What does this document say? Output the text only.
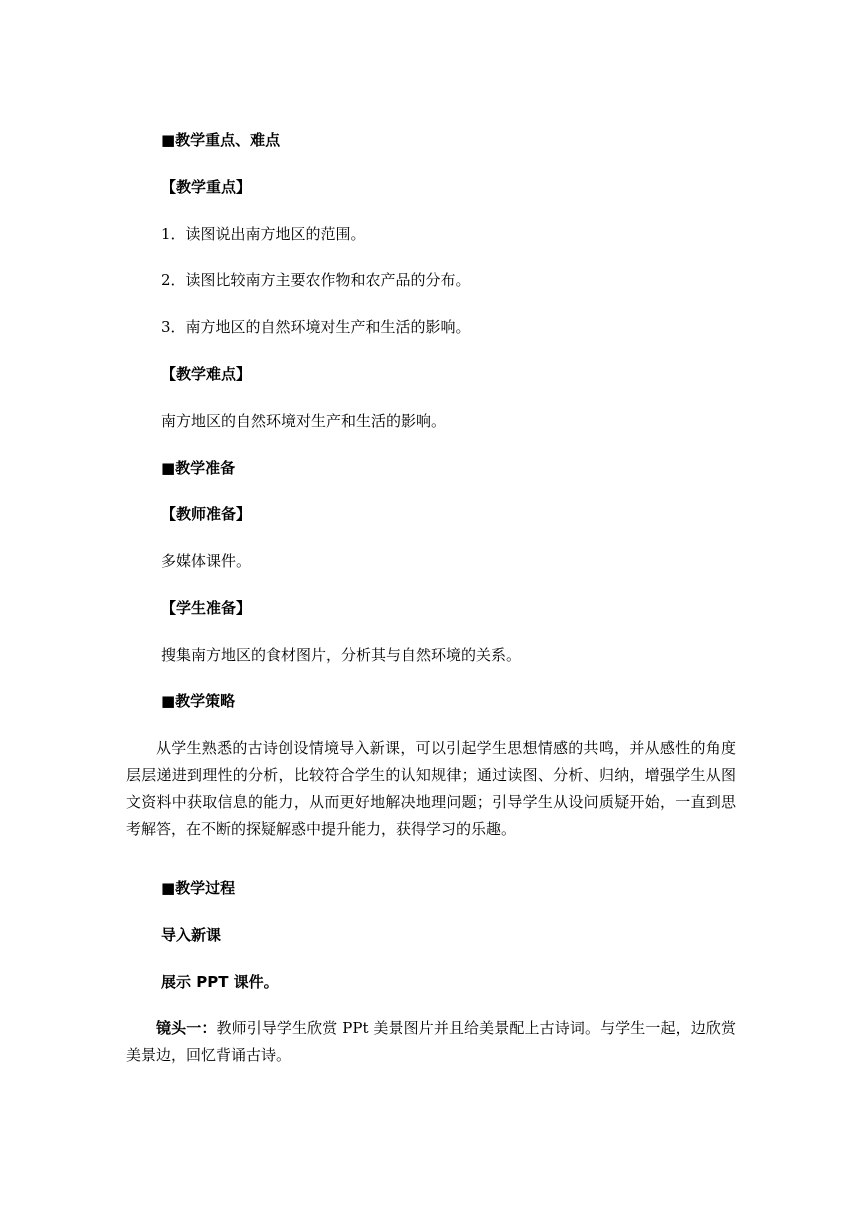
■教学重点、难点
【教学重点】
1．读图说出南方地区的范围。
2．读图比较南方主要农作物和农产品的分布。
3．南方地区的自然环境对生产和生活的影响。
【教学难点】
南方地区的自然环境对生产和生活的影响。
■教学准备
【教师准备】
多媒体课件。
【学生准备】
搜集南方地区的食材图片，分析其与自然环境的关系。
■教学策略
从学生熟悉的古诗创设情境导入新课，可以引起学生思想情感的共鸣，并从感性的角度层层递进到理性的分析，比较符合学生的认知规律；通过读图、分析、归纳，增强学生从图文资料中获取信息的能力，从而更好地解决地理问题；引导学生从设问质疑开始，一直到思考解答，在不断的探疑解惑中提升能力，获得学习的乐趣。
■教学过程
导入新课
展示 PPT 课件。
镜头一：教师引导学生欣赏 PPt 美景图片并且给美景配上古诗词。与学生一起，边欣赏美景边，回忆背诵古诗。
